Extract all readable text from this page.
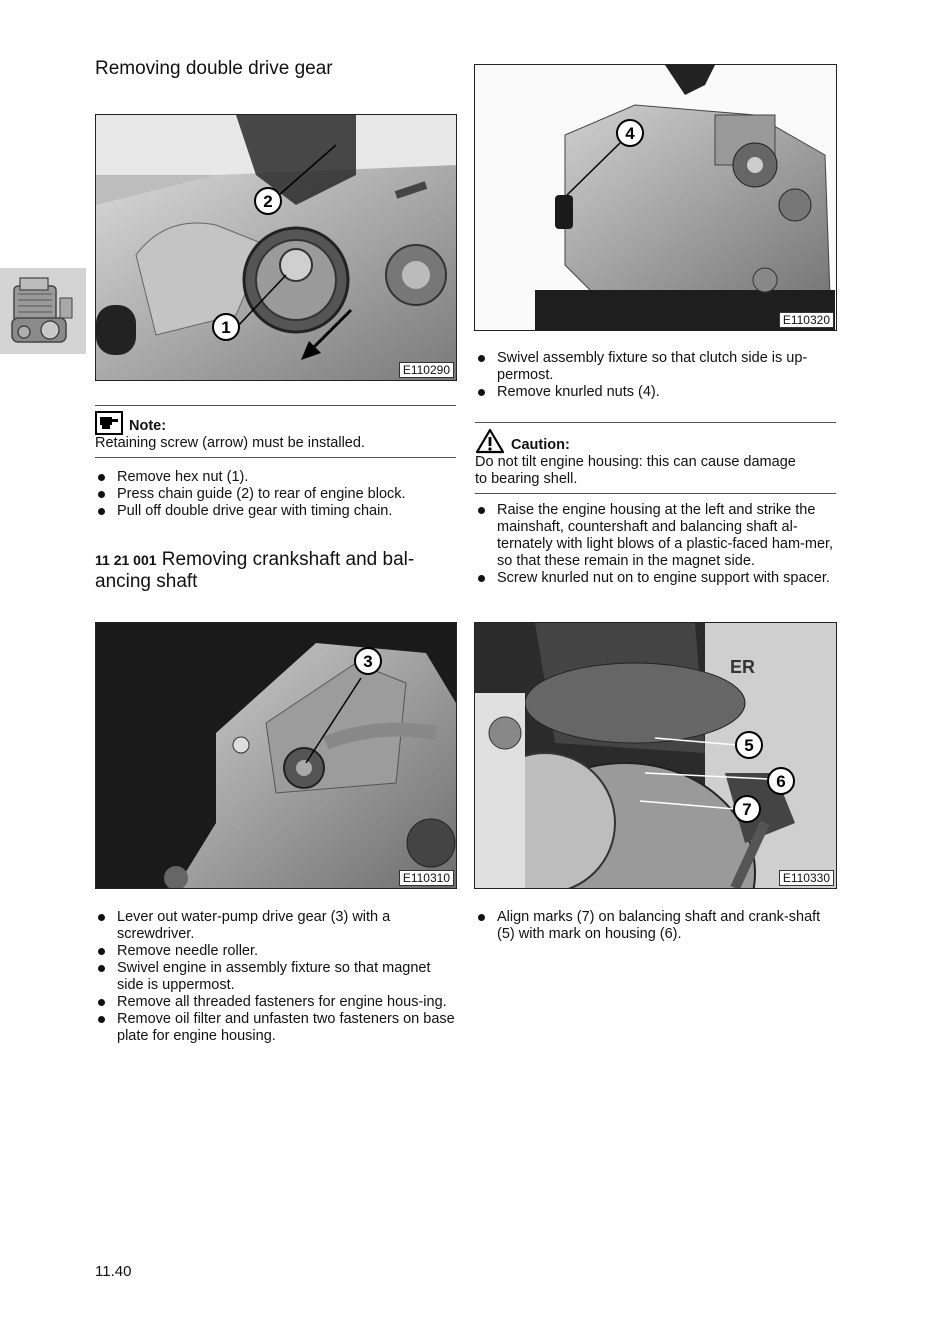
Removing double drive gear
2
1
E110290
Note:
Retaining screw (arrow) must be installed.
Remove hex nut (1).
Press chain guide (2) to rear of engine block.
Pull off double drive gear with timing chain.
11 21 001 Removing crankshaft and bal-
ancing shaft
3
E110310
Lever out water-pump drive gear (3) with a screwdriver.
Remove needle roller.
Swivel engine in assembly fixture so that magnet side is uppermost.
Remove all threaded fasteners for engine hous-ing.
Remove oil filter and unfasten two fasteners on base plate for engine housing.
4
E110320
Swivel assembly fixture so that clutch side is up-
permost.
Remove knurled nuts (4).
Caution:
Do not tilt engine housing: this can cause damage
to bearing shell.
Raise the engine housing at the left and strike the mainshaft, countershaft and balancing shaft al-ternately with light blows of a plastic-faced ham-mer, so that these remain in the magnet side.
Screw knurled nut on to engine support with spacer.
ER
5
6
7
E110330
Align marks (7) on balancing shaft and crank-shaft (5) with mark on housing (6).
11.40
